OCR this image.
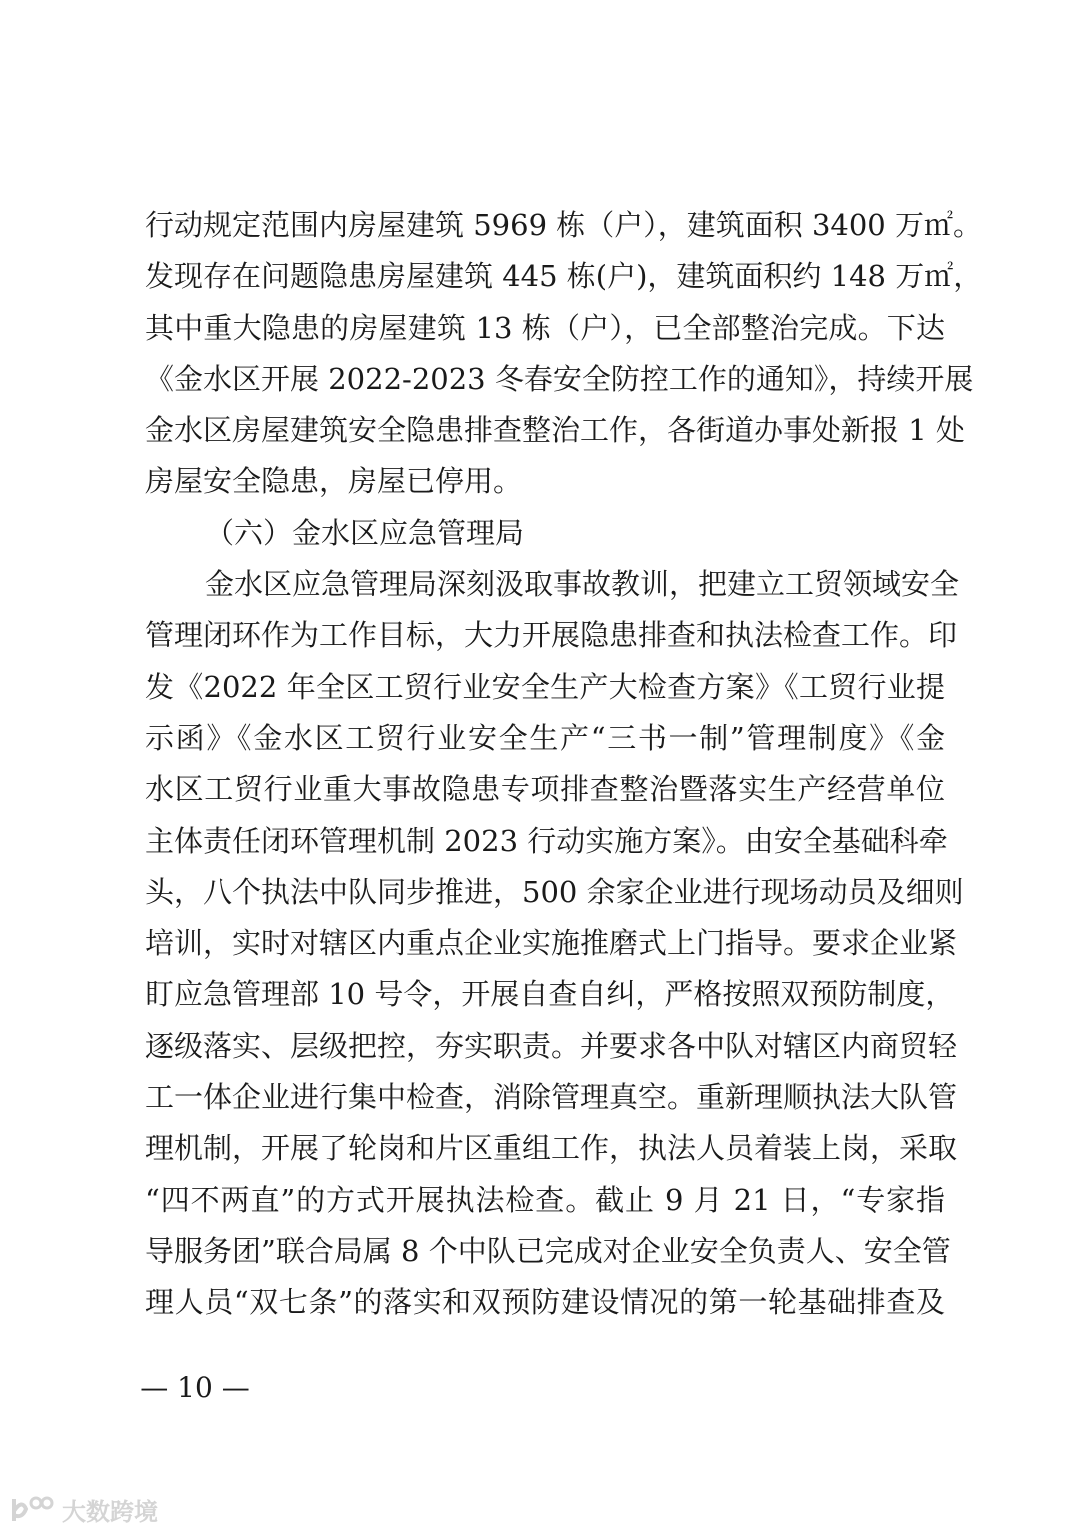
行动规定范围内房屋建筑 5969 栋（户），建筑面积 3400 万㎡。
发现存在问题隐患房屋建筑 445 栋(户)，建筑面积约 148 万㎡，
其中重大隐患的房屋建筑 13 栋（户），已全部整治完成。下达
《金水区开展 2022-2023 冬春安全防控工作的通知》，持续开展
金水区房屋建筑安全隐患排查整治工作，各街道办事处新报 1 处
房屋安全隐患，房屋已停用。
（六）金水区应急管理局
金水区应急管理局深刻汲取事故教训，把建立工贸领域安全
管理闭环作为工作目标，大力开展隐患排查和执法检查工作。印
发《2022 年全区工贸行业安全生产大检查方案》《工贸行业提
示函》《金水区工贸行业安全生产“三书一制”管理制度》《金
水区工贸行业重大事故隐患专项排查整治暨落实生产经营单位
主体责任闭环管理机制 2023 行动实施方案》。由安全基础科牵
头，八个执法中队同步推进，500 余家企业进行现场动员及细则
培训，实时对辖区内重点企业实施推磨式上门指导。要求企业紧
盯应急管理部 10 号令，开展自查自纠，严格按照双预防制度，
逐级落实、层级把控，夯实职责。并要求各中队对辖区内商贸轻
工一体企业进行集中检查，消除管理真空。重新理顺执法大队管
理机制，开展了轮岗和片区重组工作，执法人员着装上岗，采取
“四不两直”的方式开展执法检查。截止 9 月 21 日，“专家指
导服务团”联合局属 8 个中队已完成对企业安全负责人、安全管
理人员“双七条”的落实和双预防建设情况的第一轮基础排查及
— 10 —
大数跨境
